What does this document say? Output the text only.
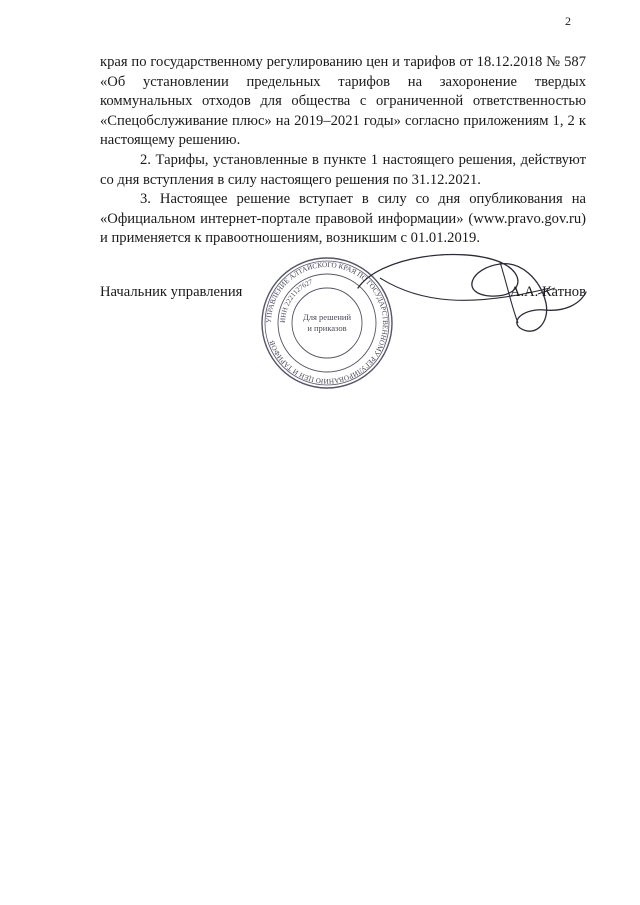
2

края по государственному регулированию цен и тарифов от 18.12.2018 № 587 «Об установлении предельных тарифов на захоронение твердых коммунальных отходов для общества с ограниченной ответственностью «Спецобслуживание плюс» на 2019–2021 годы» согласно приложениям 1, 2 к настоящему решению.

2. Тарифы, установленные в пункте 1 настоящего решения, действуют со дня вступления в силу настоящего решения по 31.12.2021.

3. Настоящее решение вступает в силу со дня опубликования на «Официальном интернет-портале правовой информации» (www.pravo.gov.ru) и применяется к правоотношениям, возникшим с 01.01.2019.

Начальник управления
УПРАВЛЕНИЕ АЛТАЙСКОГО КРАЯ ПО ГОСУДАРСТВЕННОМУ РЕГУЛИРОВАНИЮ ЦЕН И ТАРИФОВ
ИНН 2221127627
Для решений
и приказов
А.А. Катнов
